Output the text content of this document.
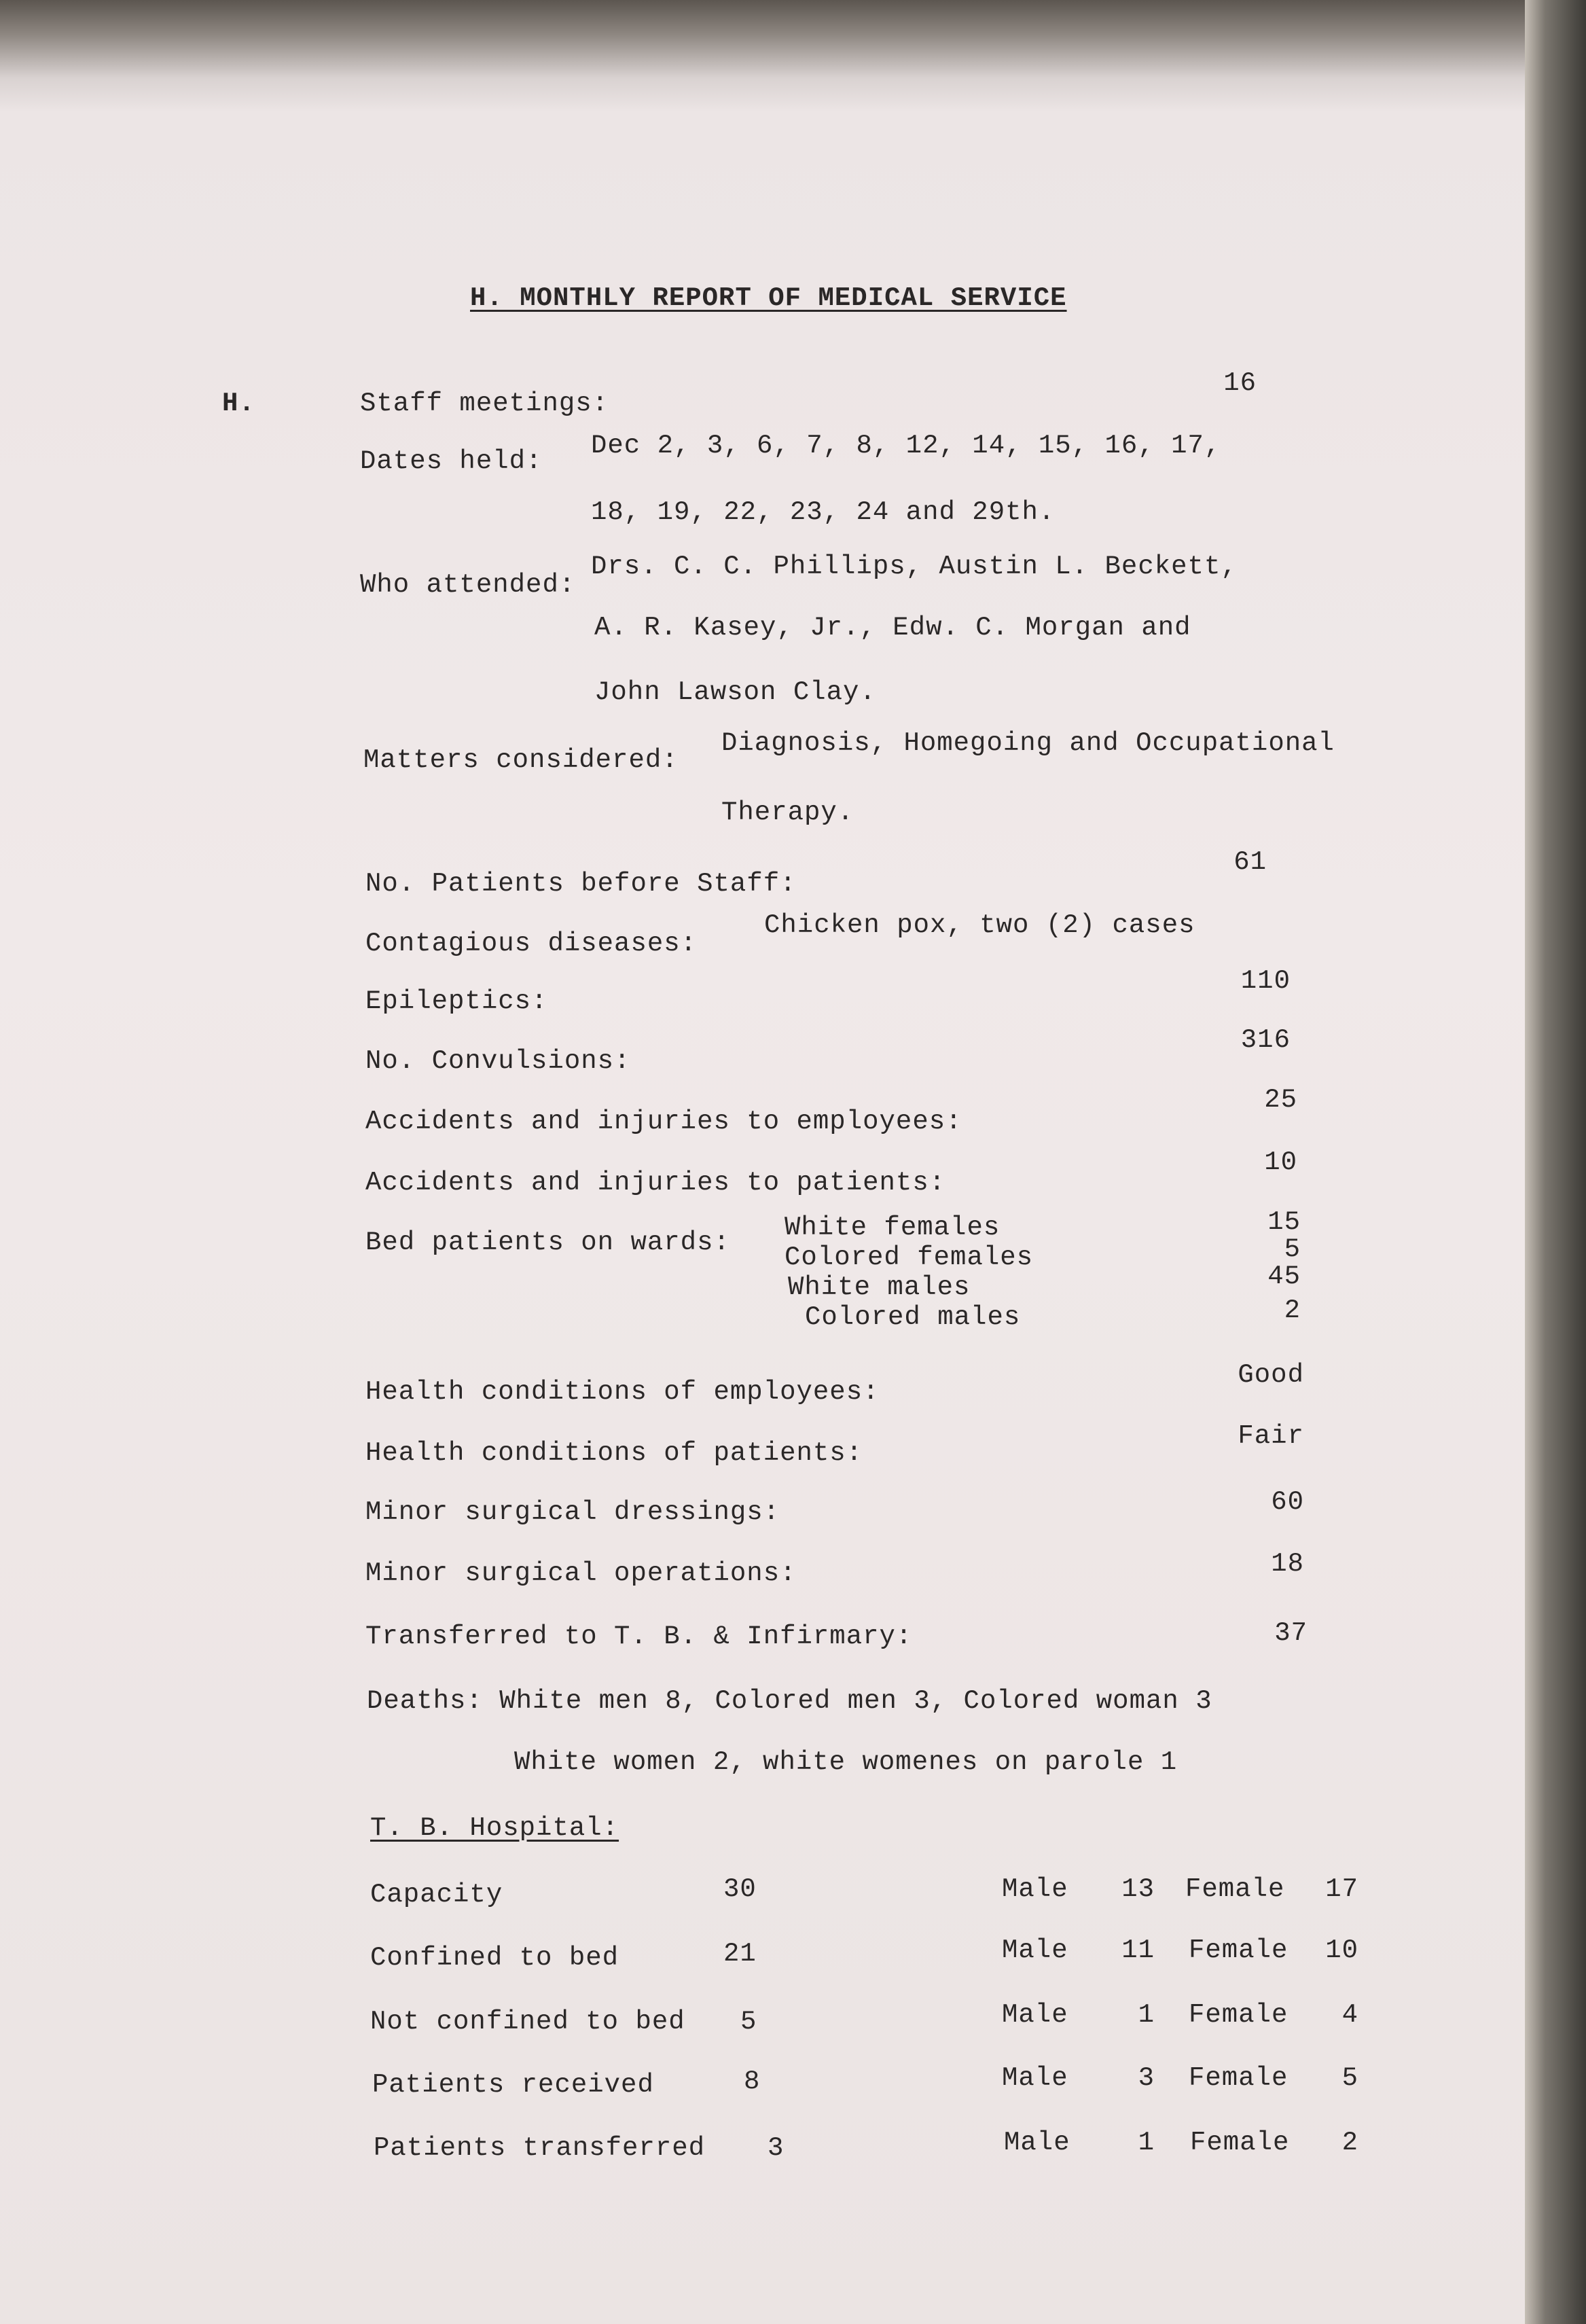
H. MONTHLY REPORT OF MEDICAL SERVICE
H.	Staff meetings:
16
Dates held:
Dec 2, 3, 6, 7, 8, 12, 14, 15, 16, 17,
18, 19, 22, 23, 24 and 29th.
Who attended:
Drs. C. C. Phillips, Austin L. Beckett,
A. R. Kasey, Jr., Edw. C. Morgan and
John Lawson Clay.
Matters considered:
Diagnosis, Homegoing and Occupational
Therapy.
No. Patients before Staff:
61
Contagious diseases:
Chicken pox, two (2) cases
Epileptics:
110
No. Convulsions:
316
Accidents and injuries to employees:
25
Accidents and injuries to patients:
10
Bed patients on wards: White females	15
Colored females	5
White males	45
Colored males	2
Health conditions of employees:
Good
Health conditions of patients:
Fair
Minor surgical dressings:	60
Minor surgical operations:	18
Transferred to T. B. & Infirmary:	37
Deaths: White men 8, Colored men 3, Colored woman 3
White women 2, white womenes on parole 1
T. B. Hospital:
Capacity	30	Male	13 Female	17
Confined to bed	21	Male	11 Female	10
Not confined to bed 5	Male	1 Female	4
Patients received	8	Male	3 Female	5
Patients transferred 3	Male	1 Female	2
